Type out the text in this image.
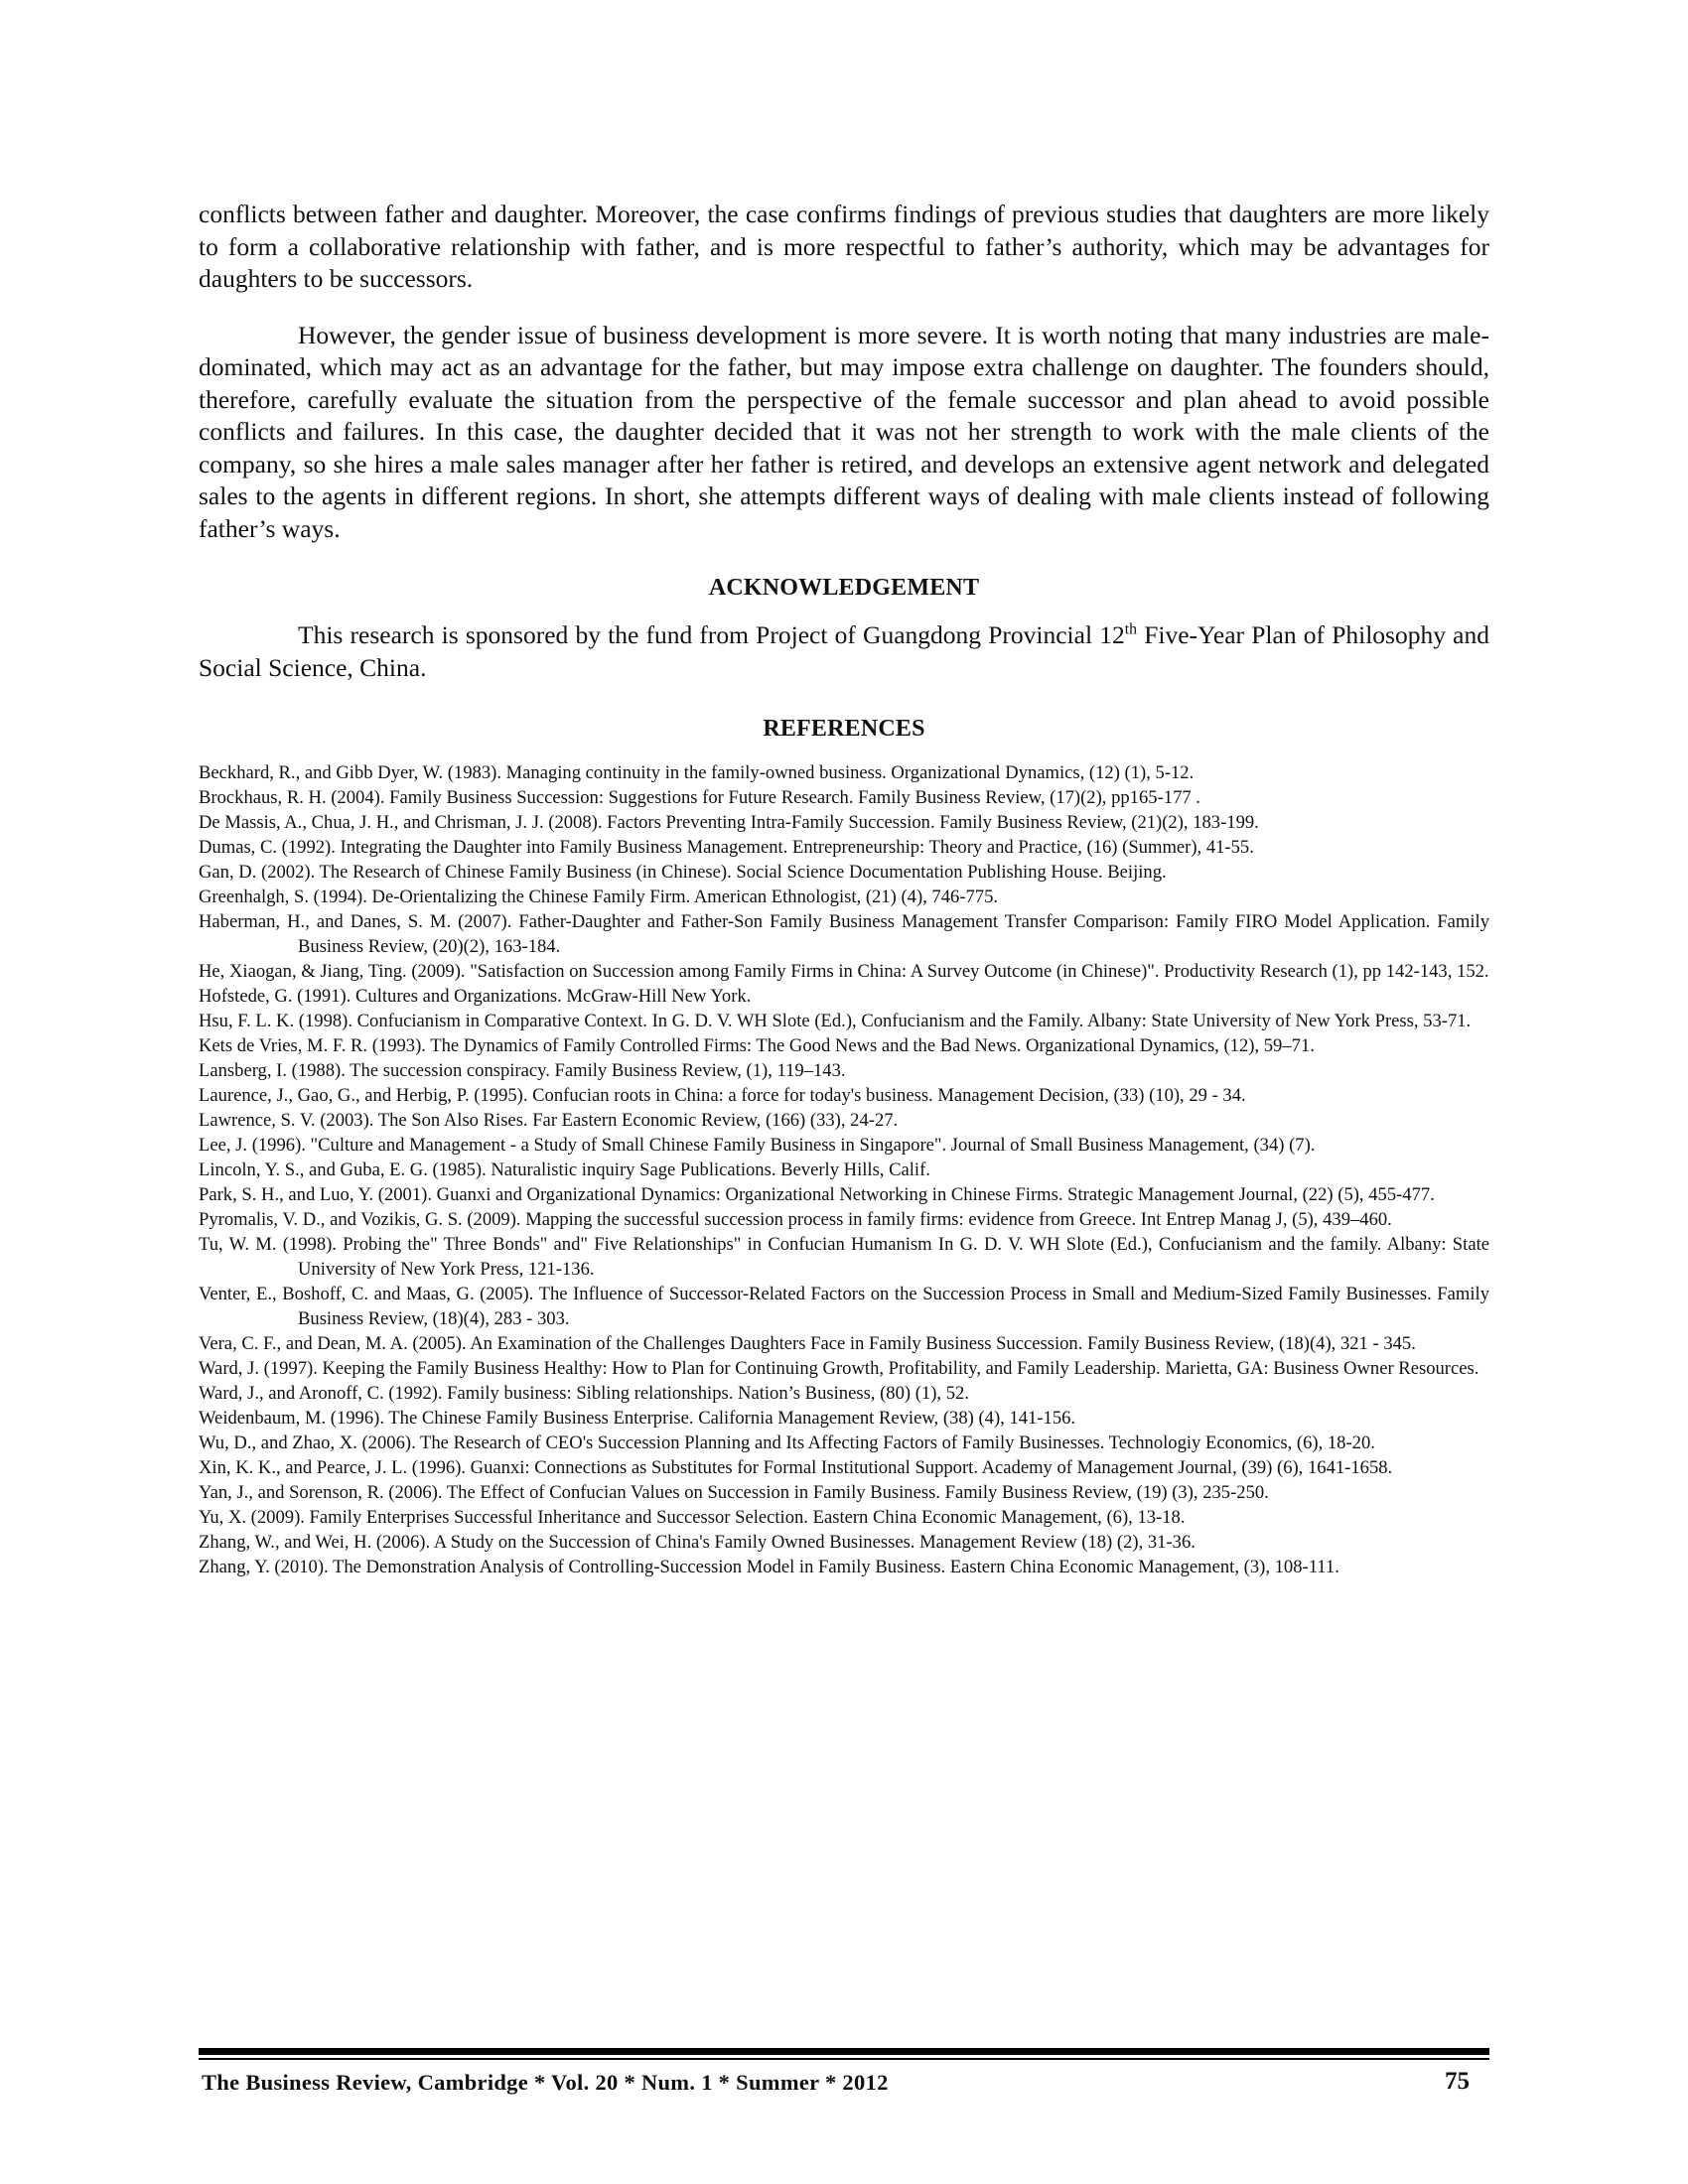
conflicts between father and daughter. Moreover, the case confirms findings of previous studies that daughters are more likely to form a collaborative relationship with father, and is more respectful to father’s authority, which may be advantages for daughters to be successors.

However, the gender issue of business development is more severe. It is worth noting that many industries are male-dominated, which may act as an advantage for the father, but may impose extra challenge on daughter. The founders should, therefore, carefully evaluate the situation from the perspective of the female successor and plan ahead to avoid possible conflicts and failures. In this case, the daughter decided that it was not her strength to work with the male clients of the company, so she hires a male sales manager after her father is retired, and develops an extensive agent network and delegated sales to the agents in different regions. In short, she attempts different ways of dealing with male clients instead of following father’s ways.

ACKNOWLEDGEMENT

This research is sponsored by the fund from Project of Guangdong Provincial 12th Five-Year Plan of Philosophy and Social Science, China.

REFERENCES

Beckhard, R., and Gibb Dyer, W. (1983). Managing continuity in the family-owned business. Organizational Dynamics, (12) (1), 5-12.

Brockhaus, R. H. (2004). Family Business Succession: Suggestions for Future Research. Family Business Review, (17)(2), pp165-177 .

De Massis, A., Chua, J. H., and Chrisman, J. J. (2008). Factors Preventing Intra-Family Succession. Family Business Review, (21)(2), 183-199.

Dumas, C. (1992). Integrating the Daughter into Family Business Management. Entrepreneurship: Theory and Practice, (16) (Summer), 41-55.

Gan, D. (2002). The Research of Chinese Family Business (in Chinese). Social Science Documentation Publishing House. Beijing.

Greenhalgh, S. (1994). De-Orientalizing the Chinese Family Firm. American Ethnologist, (21) (4), 746-775.

Haberman, H., and Danes, S. M. (2007). Father-Daughter and Father-Son Family Business Management Transfer Comparison: Family FIRO Model Application. Family Business Review, (20)(2), 163-184.

He, Xiaogan, & Jiang, Ting. (2009). "Satisfaction on Succession among Family Firms in China: A Survey Outcome (in Chinese)". Productivity Research (1), pp 142-143, 152.

Hofstede, G. (1991). Cultures and Organizations. McGraw-Hill New York.

Hsu, F. L. K. (1998). Confucianism in Comparative Context. In G. D. V. WH Slote (Ed.), Confucianism and the Family. Albany: State University of New York Press, 53-71.

Kets de Vries, M. F. R. (1993). The Dynamics of Family Controlled Firms: The Good News and the Bad News. Organizational Dynamics, (12), 59–71.

Lansberg, I. (1988). The succession conspiracy. Family Business Review, (1), 119–143.

Laurence, J., Gao, G., and Herbig, P. (1995). Confucian roots in China: a force for today's business. Management Decision, (33) (10), 29 - 34.

Lawrence, S. V. (2003). The Son Also Rises. Far Eastern Economic Review, (166) (33), 24-27.

Lee, J. (1996). "Culture and Management - a Study of Small Chinese Family Business in Singapore". Journal of Small Business Management, (34) (7).

Lincoln, Y. S., and Guba, E. G. (1985). Naturalistic inquiry Sage Publications. Beverly Hills, Calif.

Park, S. H., and Luo, Y. (2001). Guanxi and Organizational Dynamics: Organizational Networking in Chinese Firms. Strategic Management Journal, (22) (5), 455-477.

Pyromalis, V. D., and Vozikis, G. S. (2009). Mapping the successful succession process in family firms: evidence from Greece. Int Entrep Manag J, (5), 439–460.

Tu, W. M. (1998). Probing the" Three Bonds" and" Five Relationships" in Confucian Humanism In G. D. V. WH Slote (Ed.), Confucianism and the family. Albany: State University of New York Press, 121-136.

Venter, E., Boshoff, C. and Maas, G. (2005). The Influence of Successor-Related Factors on the Succession Process in Small and Medium-Sized Family Businesses. Family Business Review, (18)(4), 283 - 303.

Vera, C. F., and Dean, M. A. (2005). An Examination of the Challenges Daughters Face in Family Business Succession. Family Business Review, (18)(4), 321 - 345.

Ward, J. (1997). Keeping the Family Business Healthy: How to Plan for Continuing Growth, Profitability, and Family Leadership. Marietta, GA: Business Owner Resources.

Ward, J., and Aronoff, C. (1992). Family business: Sibling relationships. Nation’s Business, (80) (1), 52.

Weidenbaum, M. (1996). The Chinese Family Business Enterprise. California Management Review, (38) (4), 141-156.

Wu, D., and Zhao, X. (2006). The Research of CEO's Succession Planning and Its Affecting Factors of Family Businesses. Technologiy Economics, (6), 18-20.

Xin, K. K., and Pearce, J. L. (1996). Guanxi: Connections as Substitutes for Formal Institutional Support. Academy of Management Journal, (39) (6), 1641-1658.

Yan, J., and Sorenson, R. (2006). The Effect of Confucian Values on Succession in Family Business. Family Business Review, (19) (3), 235-250.

Yu, X. (2009). Family Enterprises Successful Inheritance and Successor Selection. Eastern China Economic Management, (6), 13-18.

Zhang, W., and Wei, H. (2006). A Study on the Succession of China's Family Owned Businesses. Management Review (18) (2), 31-36.

Zhang, Y. (2010). The Demonstration Analysis of Controlling-Succession Model in Family Business. Eastern China Economic Management, (3), 108-111.

The Business Review, Cambridge * Vol. 20 * Num. 1 * Summer * 2012	75
